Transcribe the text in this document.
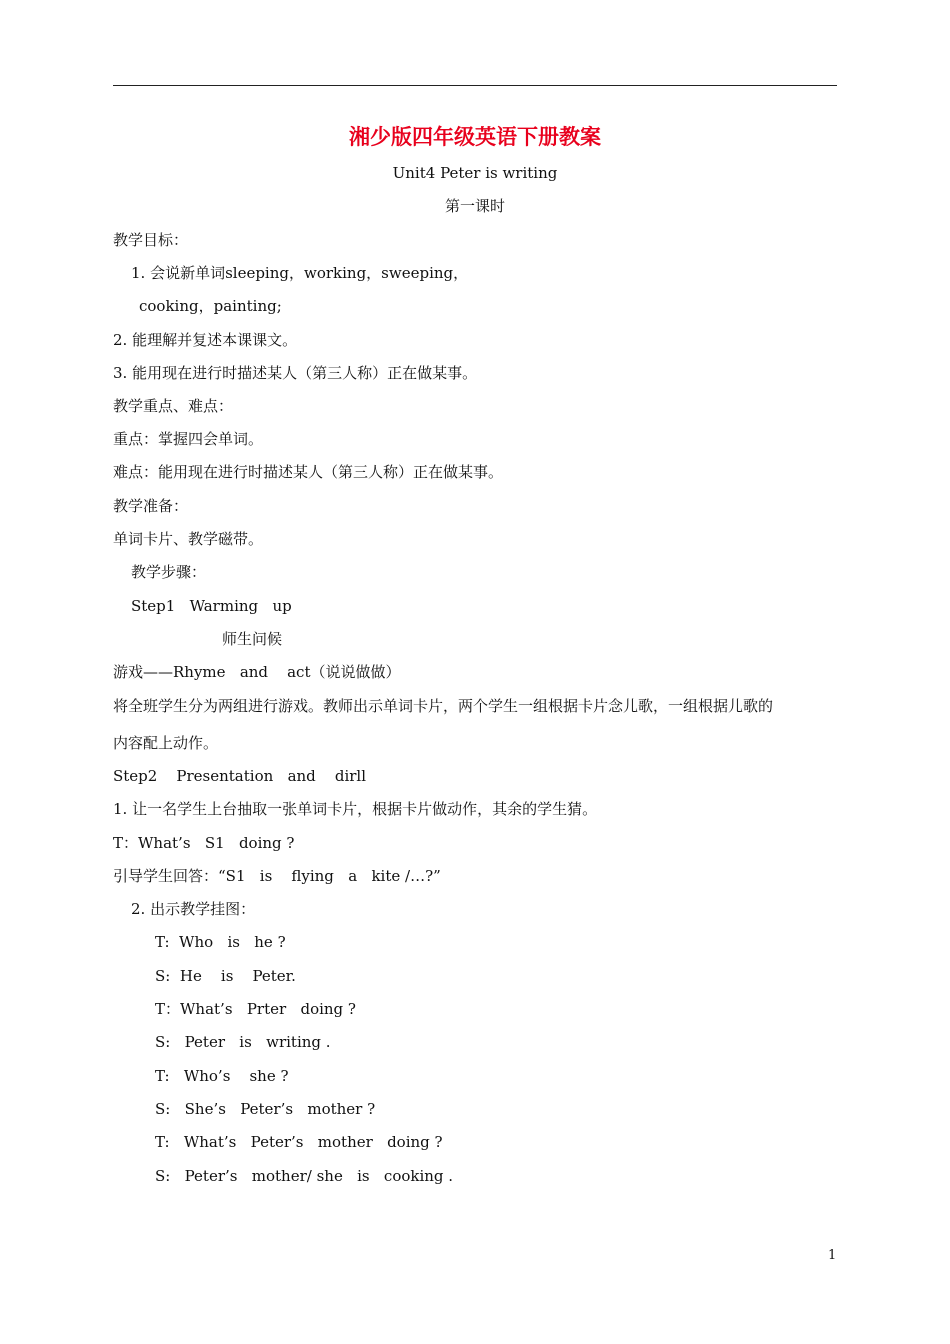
湘少版四年级英语下册教案
Unit4 Peter is writing
第一课时
教学目标：
1. 会说新单词sleeping，working，sweeping，
cooking，painting;
2. 能理解并复述本课课文。
3. 能用现在进行时描述某人（第三人称）正在做某事。
教学重点、难点：
重点：掌握四会单词。
难点：能用现在进行时描述某人（第三人称）正在做某事。
教学准备：
单词卡片、教学磁带。
教学步骤：
Step1   Warming   up
师生问候
游戏——Rhyme   and    act（说说做做）
将全班学生分为两组进行游戏。教师出示单词卡片，两个学生一组根据卡片念儿歌，一组根据儿歌的
内容配上动作。
Step2    Presentation   and    dirll
1. 让一名学生上台抽取一张单词卡片，根据卡片做动作，其余的学生猜。
T：What’s   S1   doing ?
引导学生回答：“S1   is    flying   a   kite /…?”
2. 出示教学挂图：
T:  Who   is   he ?
S:  He    is    Peter.
T：What’s   Prter   doing ?
S:   Peter   is   writing .
T:   Who’s    she ?
S:   She’s   Peter’s   mother ?
T:   What’s   Peter’s   mother   doing ?
S:   Peter’s   mother/ she   is   cooking .
1
